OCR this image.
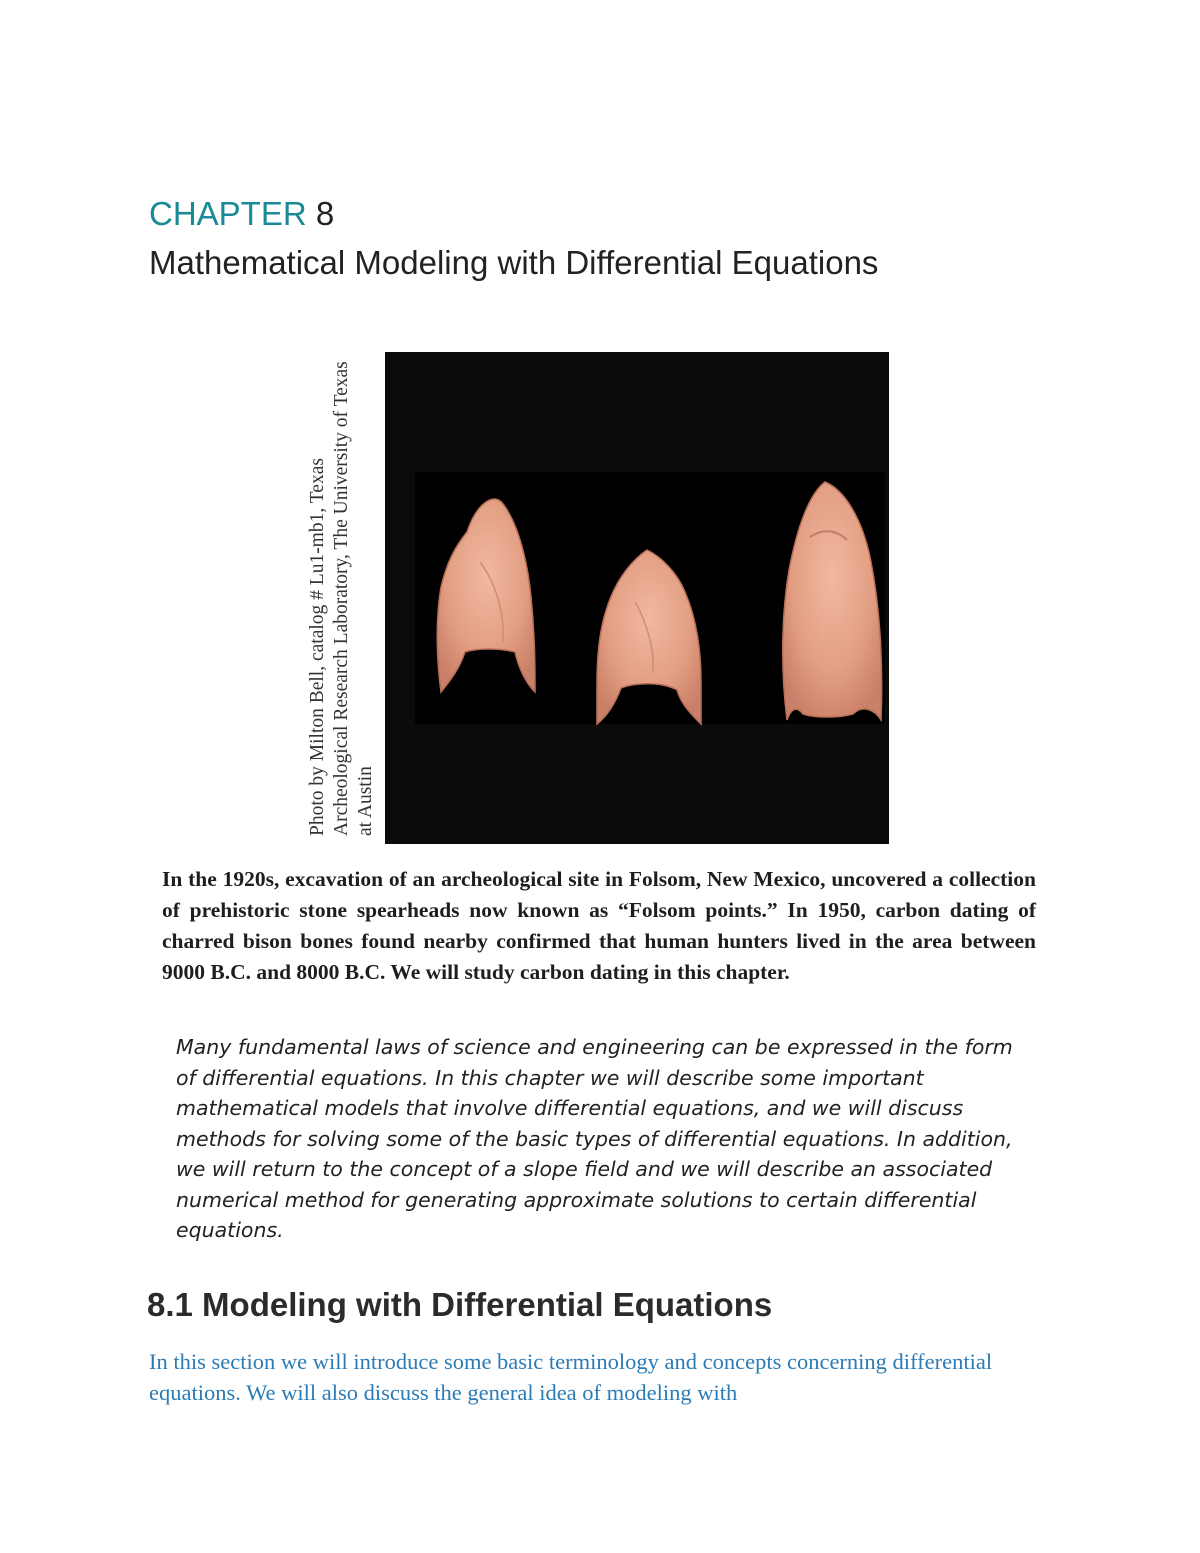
CHAPTER 8
Mathematical Modeling with Differential Equations
Photo by Milton Bell, catalog # Lu1-mb1, Texas Archeological Research Laboratory, The University of Texas at Austin

In the 1920s, excavation of an archeological site in Folsom, New Mexico, uncovered a collection of prehistoric stone spearheads now known as “Folsom points.” In 1950, carbon dating of charred bison bones found nearby confirmed that human hunters lived in the area between 9000 B.C. and 8000 B.C. We will study carbon dating in this chapter.

Many fundamental laws of science and engineering can be expressed in the form of differential equations. In this chapter we will describe some important mathematical models that involve differential equations, and we will discuss methods for solving some of the basic types of differential equations. In addition, we will return to the concept of a slope field and we will describe an associated numerical method for generating approximate solutions to certain differential equations.

8.1 Modeling with Differential Equations

In this section we will introduce some basic terminology and concepts concerning differential equations. We will also discuss the general idea of modeling with
